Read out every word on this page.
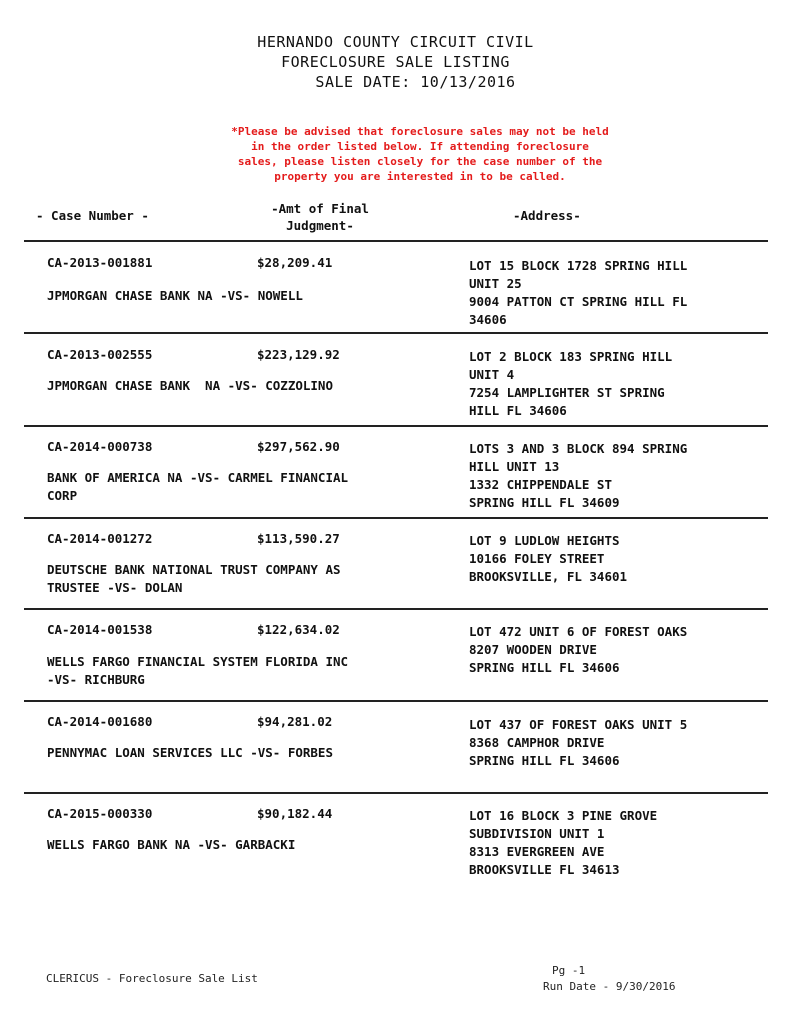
HERNANDO COUNTY CIRCUIT CIVIL
FORECLOSURE SALE LISTING
SALE DATE: 10/13/2016
*Please be advised that foreclosure sales may not be held
in the order listed below. If attending foreclosure
sales, please listen closely for the case number of the
property you are interested in to be called.
- Case Number -	-Amt of Final
Judgment-
-Address-
CA-2013-001881	$28,209.41
JPMORGAN CHASE BANK NA -VS- NOWELL
LOT 15 BLOCK 1728 SPRING HILL
UNIT 25
9004 PATTON CT SPRING HILL FL
34606
CA-2013-002555	$223,129.92
JPMORGAN CHASE BANK  NA -VS- COZZOLINO
LOT 2 BLOCK 183 SPRING HILL
UNIT 4
7254 LAMPLIGHTER ST SPRING
HILL FL 34606
CA-2014-000738	$297,562.90
BANK OF AMERICA NA -VS- CARMEL FINANCIAL
CORP
LOTS 3 AND 3 BLOCK 894 SPRING
HILL UNIT 13
1332 CHIPPENDALE ST
SPRING HILL FL 34609
CA-2014-001272	$113,590.27
DEUTSCHE BANK NATIONAL TRUST COMPANY AS
TRUSTEE -VS- DOLAN
LOT 9 LUDLOW HEIGHTS
10166 FOLEY STREET
BROOKSVILLE, FL 34601
CA-2014-001538	$122,634.02
WELLS FARGO FINANCIAL SYSTEM FLORIDA INC
-VS- RICHBURG
LOT 472 UNIT 6 OF FOREST OAKS
8207 WOODEN DRIVE
SPRING HILL FL 34606
CA-2014-001680	$94,281.02
PENNYMAC LOAN SERVICES LLC -VS- FORBES
LOT 437 OF FOREST OAKS UNIT 5
8368 CAMPHOR DRIVE
SPRING HILL FL 34606
CA-2015-000330	$90,182.44
WELLS FARGO BANK NA -VS- GARBACKI
LOT 16 BLOCK 3 PINE GROVE
SUBDIVISION UNIT 1
8313 EVERGREEN AVE
BROOKSVILLE FL 34613
CLERICUS - Foreclosure Sale List
Pg -1
Run Date - 9/30/2016
